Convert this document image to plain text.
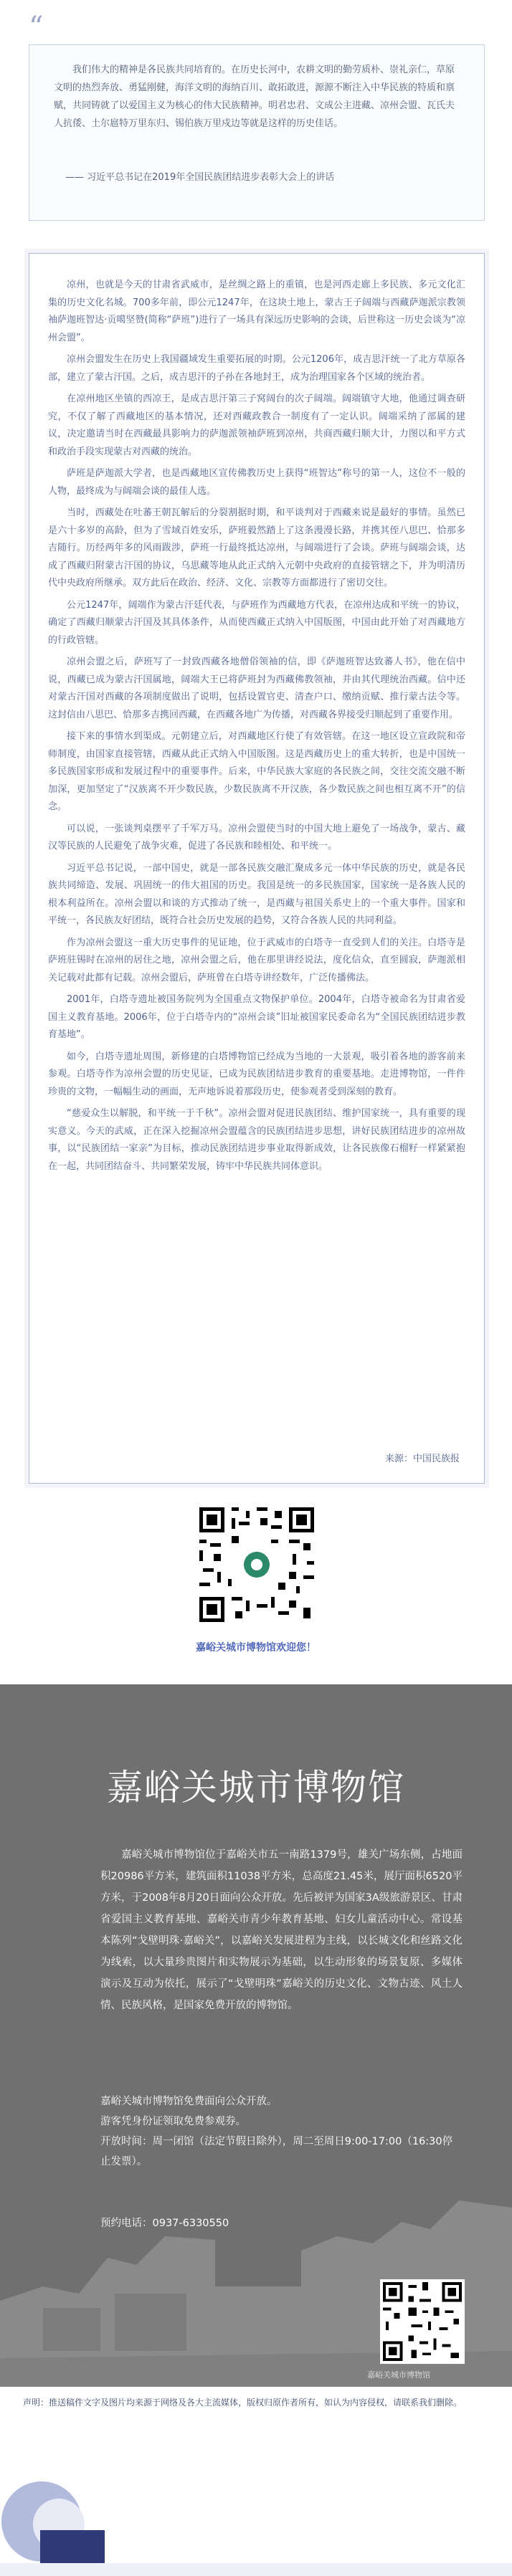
“

我们伟大的精神是各民族共同培育的。在历史长河中，农耕文明的勤劳质朴、崇礼亲仁，草原文明的热烈奔放、勇猛刚健，海洋文明的海纳百川、敢拓敢进，源源不断注入中华民族的特质和禀赋，共同铸就了以爱国主义为核心的伟大民族精神。明君忠君、文成公主进藏、凉州会盟、瓦氏夫人抗倭、土尔扈特万里东归、锡伯族万里戍边等就是这样的历史佳话。

—— 习近平总书记在2019年全国民族团结进步表彰大会上的讲话

凉州，也就是今天的甘肃省武威市，是丝绸之路上的重镇，也是河西走廊上多民族、多元文化汇集的历史文化名城。700多年前，即公元1247年，在这块土地上，蒙古王子阔端与西藏萨迦派宗教领袖萨迦班智达·贡噶坚赞(简称“萨班”)进行了一场具有深远历史影响的会谈，后世称这一历史会谈为“凉州会盟”。

凉州会盟发生在历史上我国疆域发生重要拓展的时期。公元1206年，成吉思汗统一了北方草原各部，建立了蒙古汗国。之后，成吉思汗的子孙在各地封王，成为治理国家各个区域的统治者。

在凉州地区坐镇的西凉王，是成吉思汗第三子窝阔台的次子阔端。阔端镇守大地，他通过调查研究，不仅了解了西藏地区的基本情况，还对西藏政教合一制度有了一定认识。阔端采纳了部属的建议，决定邀请当时在西藏最具影响力的萨迦派领袖萨班到凉州，共商西藏归顺大计，力图以和平方式和政治手段实现蒙古对西藏的统治。

萨班是萨迦派大学者，也是西藏地区宣传佛教历史上获得“班智达”称号的第一人，这位不一般的人物，最终成为与阔端会谈的最佳人选。

当时，西藏处在吐蕃王朝瓦解后的分裂割据时期，和平谈判对于西藏来说是最好的事情。虽然已是六十多岁的高龄，但为了雪域百姓安乐，萨班毅然踏上了这条漫漫长路，并携其侄八思巴、恰那多吉随行。历经两年多的风雨跋涉，萨班一行最终抵达凉州，与阔端进行了会谈。萨班与阔端会谈，达成了西藏归附蒙古汗国的协议，乌思藏等地从此正式纳入元朝中央政府的直接管辖之下，并为明清历代中央政府所继承。双方此后在政治、经济、文化、宗教等方面都进行了密切交往。

公元1247年，阔端作为蒙古汗廷代表，与萨班作为西藏地方代表，在凉州达成和平统一的协议，确定了西藏归顺蒙古汗国及其具体条件，从而使西藏正式纳入中国版图，中国由此开始了对西藏地方的行政管辖。

凉州会盟之后，萨班写了一封致西藏各地僧俗领袖的信，即《萨迦班智达致蕃人书》，他在信中说，西藏已成为蒙古汗国属地，阔端大王已将萨班封为西藏佛教领袖，并由其代理统治西藏。信中还对蒙古汗国对西藏的各项制度做出了说明，包括设置官吏、清查户口、缴纳贡赋、推行蒙古法令等。这封信由八思巴、恰那多吉携回西藏，在西藏各地广为传播，对西藏各界接受归顺起到了重要作用。

接下来的事情水到渠成。元朝建立后，对西藏地区行使了有效管辖。在这一地区设立宣政院和帝师制度，由国家直接管辖，西藏从此正式纳入中国版图。这是西藏历史上的重大转折，也是中国统一多民族国家形成和发展过程中的重要事件。后来，中华民族大家庭的各民族之间，交往交流交融不断加深，更加坚定了“汉族离不开少数民族，少数民族离不开汉族，各少数民族之间也相互离不开”的信念。

可以说，一张谈判桌摆平了千军万马。凉州会盟使当时的中国大地上避免了一场战争，蒙古、藏汉等民族的人民避免了战争灾难，促进了各民族和睦相处、和平统一。

习近平总书记说，一部中国史，就是一部各民族交融汇聚成多元一体中华民族的历史，就是各民族共同缔造、发展、巩固统一的伟大祖国的历史。我国是统一的多民族国家，国家统一是各族人民的根本利益所在。凉州会盟以和谈的方式推动了统一，是西藏与祖国关系史上的一个重大事件。国家和平统一，各民族友好团结，既符合社会历史发展的趋势，又符合各族人民的共同利益。

作为凉州会盟这一重大历史事件的见证地，位于武威市的白塔寺一直受到人们的关注。白塔寺是萨班驻锡时在凉州的居住之地，凉州会盟之后，他在那里讲经说法，度化信众，直至圆寂，萨迦派相关记载对此都有记载。凉州会盟后，萨班曾在白塔寺讲经数年，广泛传播佛法。

2001年，白塔寺遗址被国务院列为全国重点文物保护单位。2004年，白塔寺被命名为甘肃省爱国主义教育基地。2006年，位于白塔寺内的“凉州会谈”旧址被国家民委命名为“全国民族团结进步教育基地”。

如今，白塔寺遗址周围，新修建的白塔博物馆已经成为当地的一大景观，吸引着各地的游客前来参观。白塔寺作为凉州会盟的历史见证，已成为民族团结进步教育的重要基地。走进博物馆，一件件珍贵的文物，一幅幅生动的画面，无声地诉说着那段历史，使参观者受到深刻的教育。

“慈爱众生以解脱，和平统一于千秋”。凉州会盟对促进民族团结、维护国家统一，具有重要的现实意义。今天的武威，正在深入挖掘凉州会盟蕴含的民族团结进步思想，讲好民族团结进步的凉州故事，以“民族团结一家亲”为目标，推动民族团结进步事业取得新成效，让各民族像石榴籽一样紧紧抱在一起，共同团结奋斗、共同繁荣发展，铸牢中华民族共同体意识。

来源：中国民族报
嘉峪关城市博物馆欢迎您！
嘉峪关城市博物馆

嘉峪关城市博物馆位于嘉峪关市五一南路1379号，雄关广场东侧，占地面积20986平方米，建筑面积11038平方米，总高度21.45米，展厅面积6520平方米，于2008年8月20日面向公众开放。先后被评为国家3A级旅游景区、甘肃省爱国主义教育基地、嘉峪关市青少年教育基地、妇女儿童活动中心。常设基本陈列“戈壁明珠·嘉峪关”，以嘉峪关发展进程为主线，以长城文化和丝路文化为线索，以大量珍贵图片和实物展示为基础，以生动形象的场景复原、多媒体演示及互动为依托，展示了“戈壁明珠”嘉峪关的历史文化、文物古迹、风土人情、民族风格，是国家免费开放的博物馆。

嘉峪关城市博物馆免费面向公众开放。
游客凭身份证领取免费参观券。
开放时间：周一闭馆（法定节假日除外），周二至周日9:00-17:00（16:30停止发票）。
预约电话：0937-6330550
嘉峪关城市博物馆

声明：推送稿件文字及图片均来源于网络及各大主流媒体，版权归原作者所有，如认为内容侵权，请联系我们删除。
